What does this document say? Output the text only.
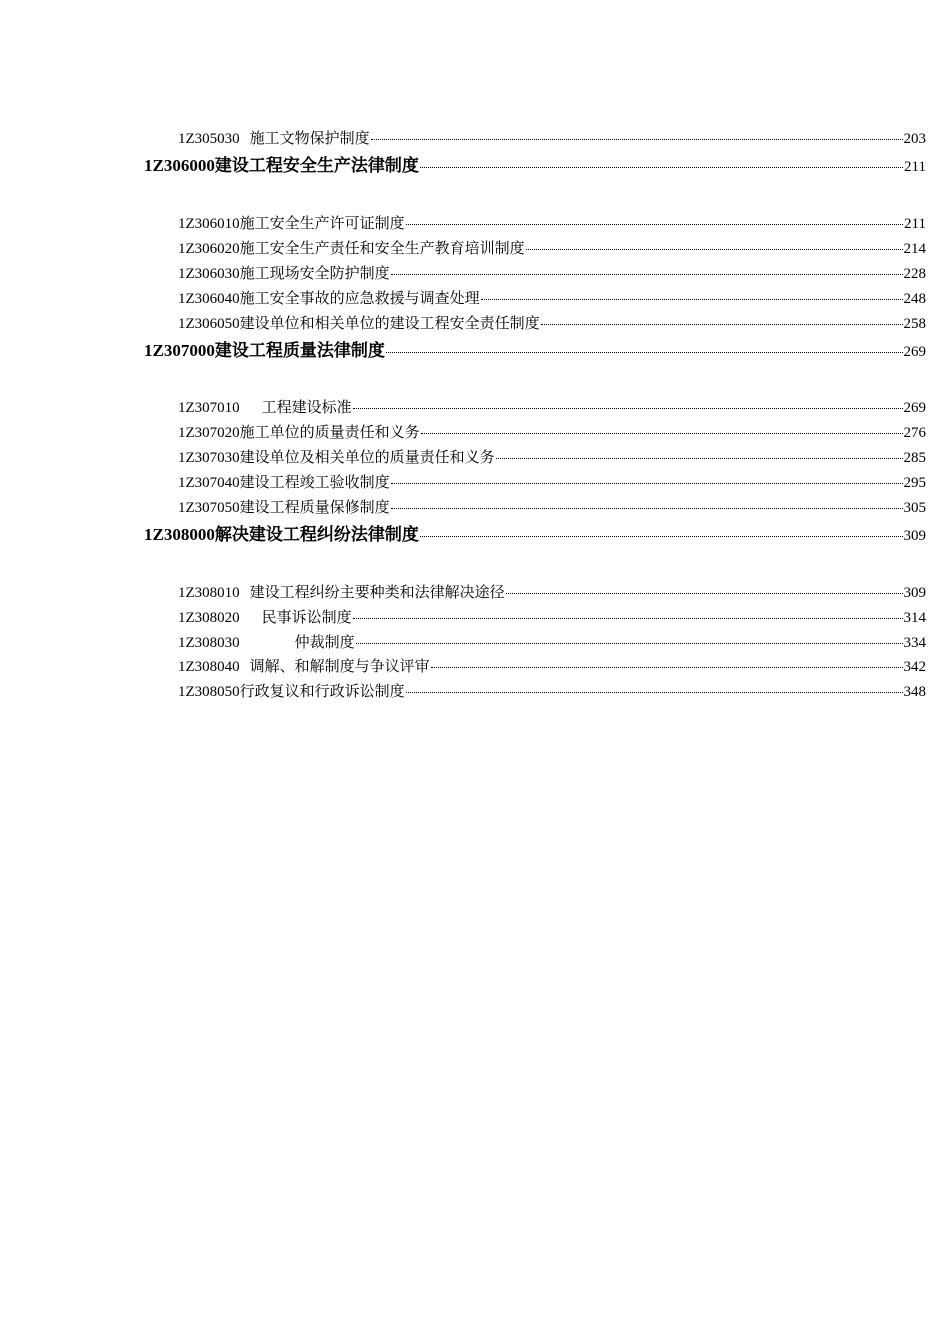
1Z305030 施工文物保护制度	203
1Z306000 建设工程安全生产法律制度	211
1Z306010 施工安全生产许可证制度	211
1Z306020 施工安全生产责任和安全生产教育培训制度	214
1Z306030 施工现场安全防护制度	228
1Z306040 施工安全事故的应急救援与调查处理	248
1Z306050 建设单位和相关单位的建设工程安全责任制度	258
1Z307000 建设工程质量法律制度	269
1Z307010 工程建设标准	269
1Z307020 施工单位的质量责任和义务	276
1Z307030 建设单位及相关单位的质量责任和义务	285
1Z307040 建设工程竣工验收制度	295
1Z307050 建设工程质量保修制度	305
1Z308000 解决建设工程纠纷法律制度	309
1Z308010 建设工程纠纷主要种类和法律解决途径	309
1Z308020 民事诉讼制度	314
1Z308030	仲裁制度	334
1Z308040 调解、和解制度与争议评审	342
1Z308050 行政复议和行政诉讼制度	348
